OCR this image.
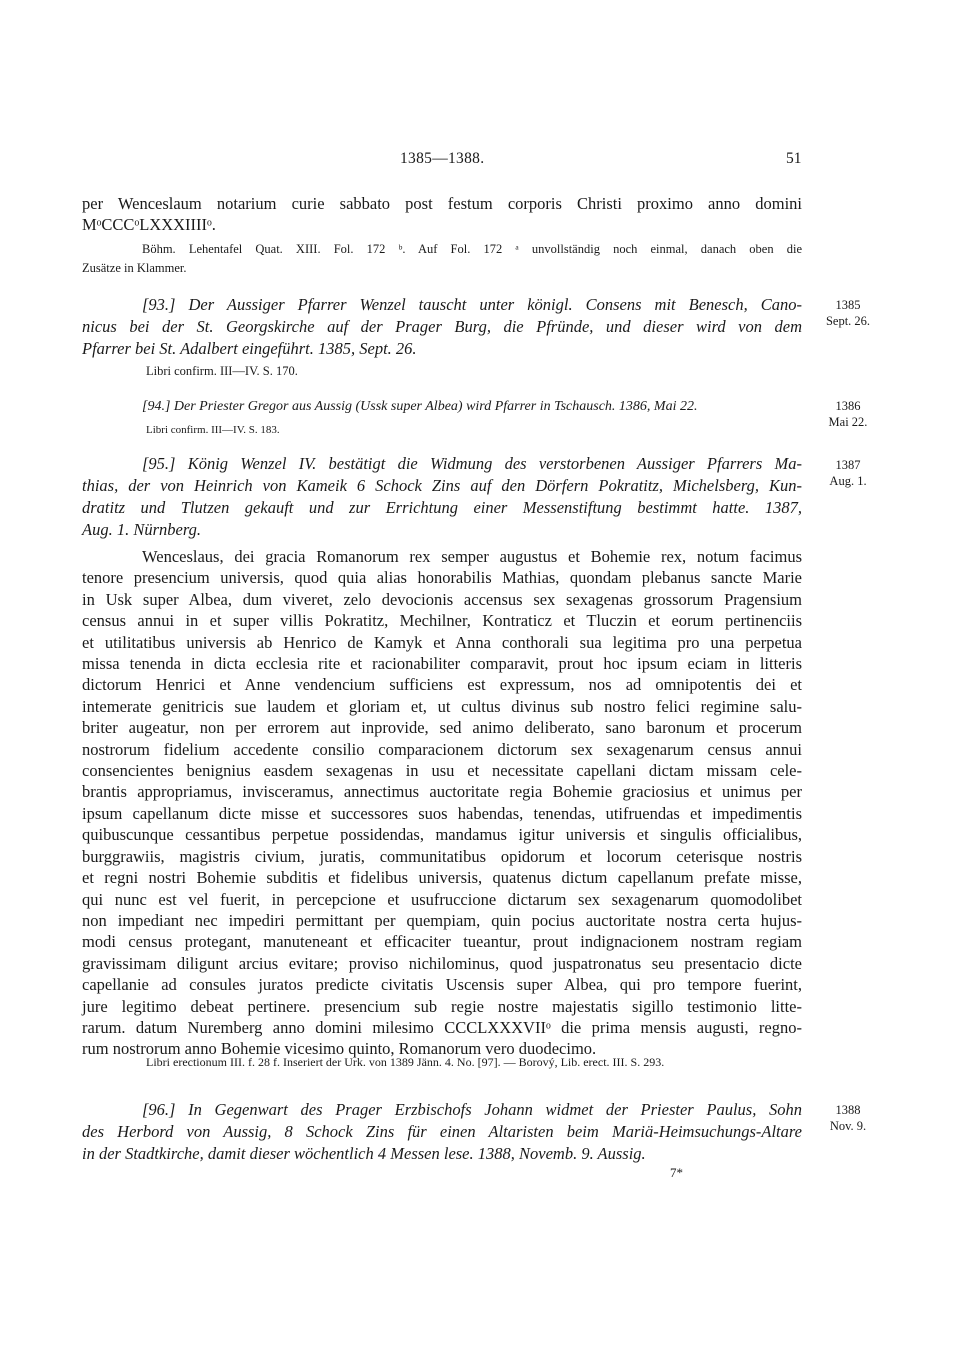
1385—1388.	51
per Wenceslaum notarium curie sabbato post festum corporis Christi proximo anno domini
MᵒCCCᵒLXXXIIIIᵒ.
Böhm. Lehentafel Quat. XIII. Fol. 172 ᵇ. Auf Fol. 172 ᵃ unvollständig noch einmal, danach oben die
Zusätze in Klammer.
[93.] Der Aussiger Pfarrer Wenzel tauscht unter königl. Consens mit Benesch, Cano-
nicus bei der St. Georgskirche auf der Prager Burg, die Pfründe, und dieser wird von dem
Pfarrer bei St. Adalbert eingeführt. 1385, Sept. 26.
1385
Sept. 26.
Libri confirm. III—IV. S. 170.
[94.] Der Priester Gregor aus Aussig (Ussk super Albea) wird Pfarrer in Tschausch. 1386, Mai 22.	1386
Mai 22.
Libri confirm. III—IV. S. 183.
[95.] König Wenzel IV. bestätigt die Widmung des verstorbenen Aussiger Pfarrers Ma-
thias, der von Heinrich von Kameik 6 Schock Zins auf den Dörfern Pokratitz, Michelsberg, Kun-
dratitz und Tlutzen gekauft und zur Errichtung einer Messenstiftung bestimmt hatte. 1387,
Aug. 1. Nürnberg.
1387
Aug. 1.
Wenceslaus, dei gracia Romanorum rex semper augustus et Bohemie rex, notum facimus
tenore presencium universis, quod quia alias honorabilis Mathias, quondam plebanus sancte Marie
in Usk super Albea, dum viveret, zelo devocionis accensus sex sexagenas grossorum Pragensium
census annui in et super villis Pokratitz, Mechilner, Kontraticz et Tluczin et eorum pertinenciis
et utilitatibus universis ab Henrico de Kamyk et Anna conthorali sua legitima pro una perpetua
missa tenenda in dicta ecclesia rite et racionabiliter comparavit, prout hoc ipsum eciam in litteris
dictorum Henrici et Anne vendencium sufficiens est expressum, nos ad omnipotentis dei et
intemerate genitricis sue laudem et gloriam et, ut cultus divinus sub nostro felici regimine salu-
briter augeatur, non per errorem aut inprovide, sed animo deliberato, sano baronum et procerum
nostrorum fidelium accedente consilio comparacionem dictorum sex sexagenarum census annui
consencientes benignius easdem sexagenas in usu et necessitate capellani dictam missam cele-
brantis appropriamus, invisceramus, annectimus auctoritate regia Bohemie graciosius et unimus per
ipsum capellanum dicte misse et successores suos habendas, tenendas, utifruendas et impedimentis
quibuscunque cessantibus perpetue possidendas, mandamus igitur universis et singulis officialibus,
burggrawiis, magistris civium, juratis, communitatibus opidorum et locorum ceterisque nostris
et regni nostri Bohemie subditis et fidelibus universis, quatenus dictum capellanum prefate misse,
qui nunc est vel fuerit, in percepcione et usufruccione dictarum sex sexagenarum quomodolibet
non impediant nec impediri permittant per quempiam, quin pocius auctoritate nostra certa hujus-
modi census protegant, manuteneant et efficaciter tueantur, prout indignacionem nostram regiam
gravissimam diligunt arcius evitare; proviso nichilominus, quod juspatronatus seu presentacio dicte
capellanie ad consules juratos predicte civitatis Uscensis super Albea, qui pro tempore fuerint,
jure legitimo debeat pertinere. presencium sub regie nostre majestatis sigillo testimonio litte-
rarum. datum Nuremberg anno domini milesimo CCCLXXXVIIᵒ die prima mensis augusti, regno-
rum nostrorum anno Bohemie vicesimo quinto, Romanorum vero duodecimo.
Libri erectionum III. f. 28 f. Inseriert der Urk. von 1389 Jänn. 4. No. [97]. — Borový, Lib. erect. III. S. 293.
[96.] In Gegenwart des Prager Erzbischofs Johann widmet der Priester Paulus, Sohn
des Herbord von Aussig, 8 Schock Zins für einen Altaristen beim Mariä-Heimsuchungs-Altare
in der Stadtkirche, damit dieser wöchentlich 4 Messen lese. 1388, Novemb. 9. Aussig.
1388
Nov. 9.
7*
